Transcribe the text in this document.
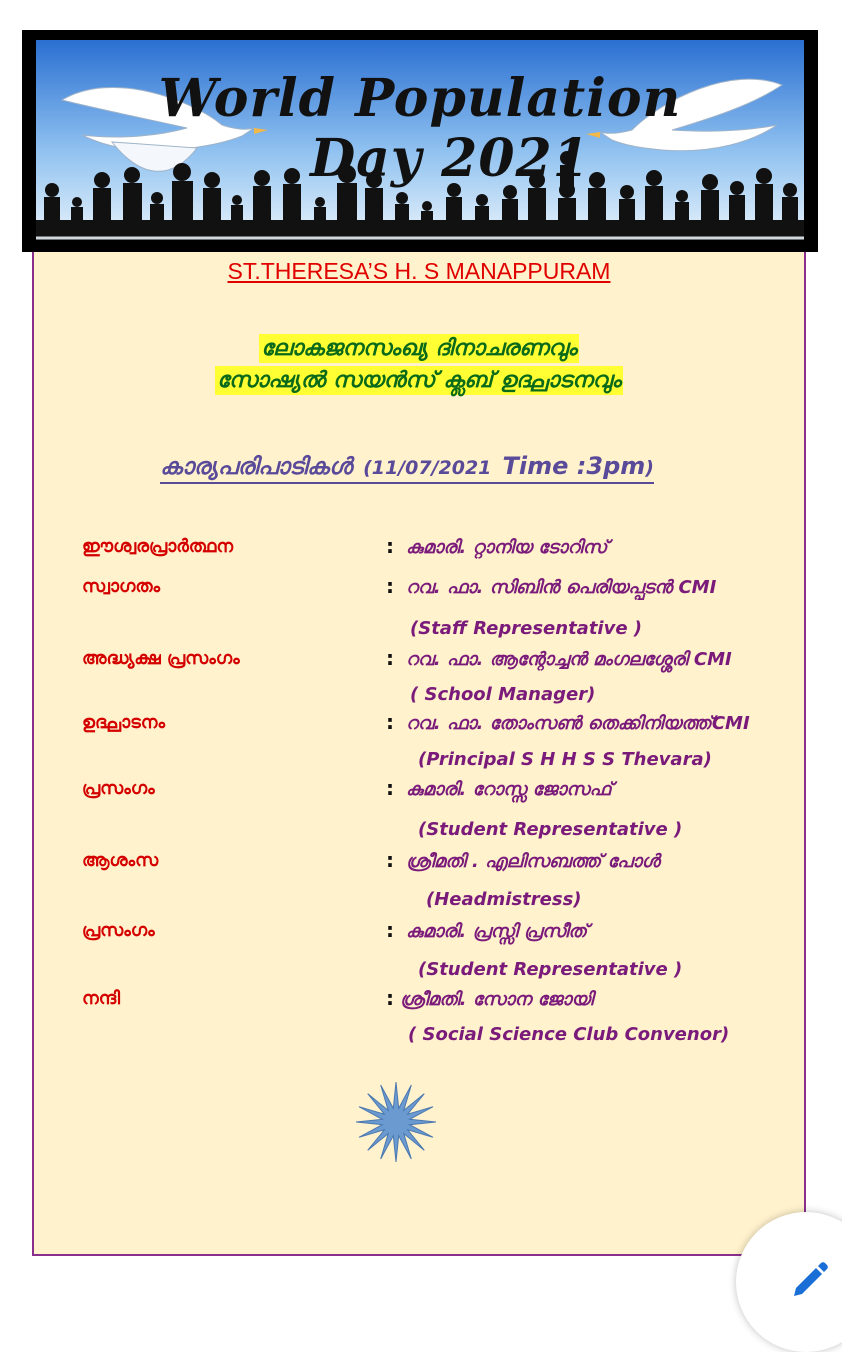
World Population
Day 2021
ST.THERESA’S H. S MANAPPURAM
ലോകജനസംഖ്യ ദിനാചരണവും
സോഷ്യൽ സയൻസ് ക്ലബ് ഉദ്ഘാടനവും
കാര്യപരിപാടികൾ (11/07/2021 Time :3pm)
ഈശ്വരപ്രാർത്ഥന	: കുമാരി. റ്റാനിയ ടോറിസ്
സ്വാഗതം	: റവ. ഫാ. സിബിൻ പെരിയപ്പടൻ CMI
(Staff Representative )
അദ്ധ്യക്ഷ പ്രസംഗം	: റവ. ഫാ. ആന്റോച്ചൻ മംഗലശ്ശേരി CMI
( School Manager)
ഉദ്ഘാടനം	: റവ. ഫാ. തോംസൺ തെക്കിനിയത്ത്CMI
(Principal S H H S S Thevara)
പ്രസംഗം	: കുമാരി. റോസ്സ ജോസഫ്
(Student Representative )
ആശംസ	: ശ്രീമതി . എലിസബത്ത് പോൾ
(Headmistress)
പ്രസംഗം	: കുമാരി. പ്രസ്സി പ്രസീത്
(Student Representative )
നന്ദി	: ശ്രീമതി. സോന ജോയി
( Social Science Club Convenor)
